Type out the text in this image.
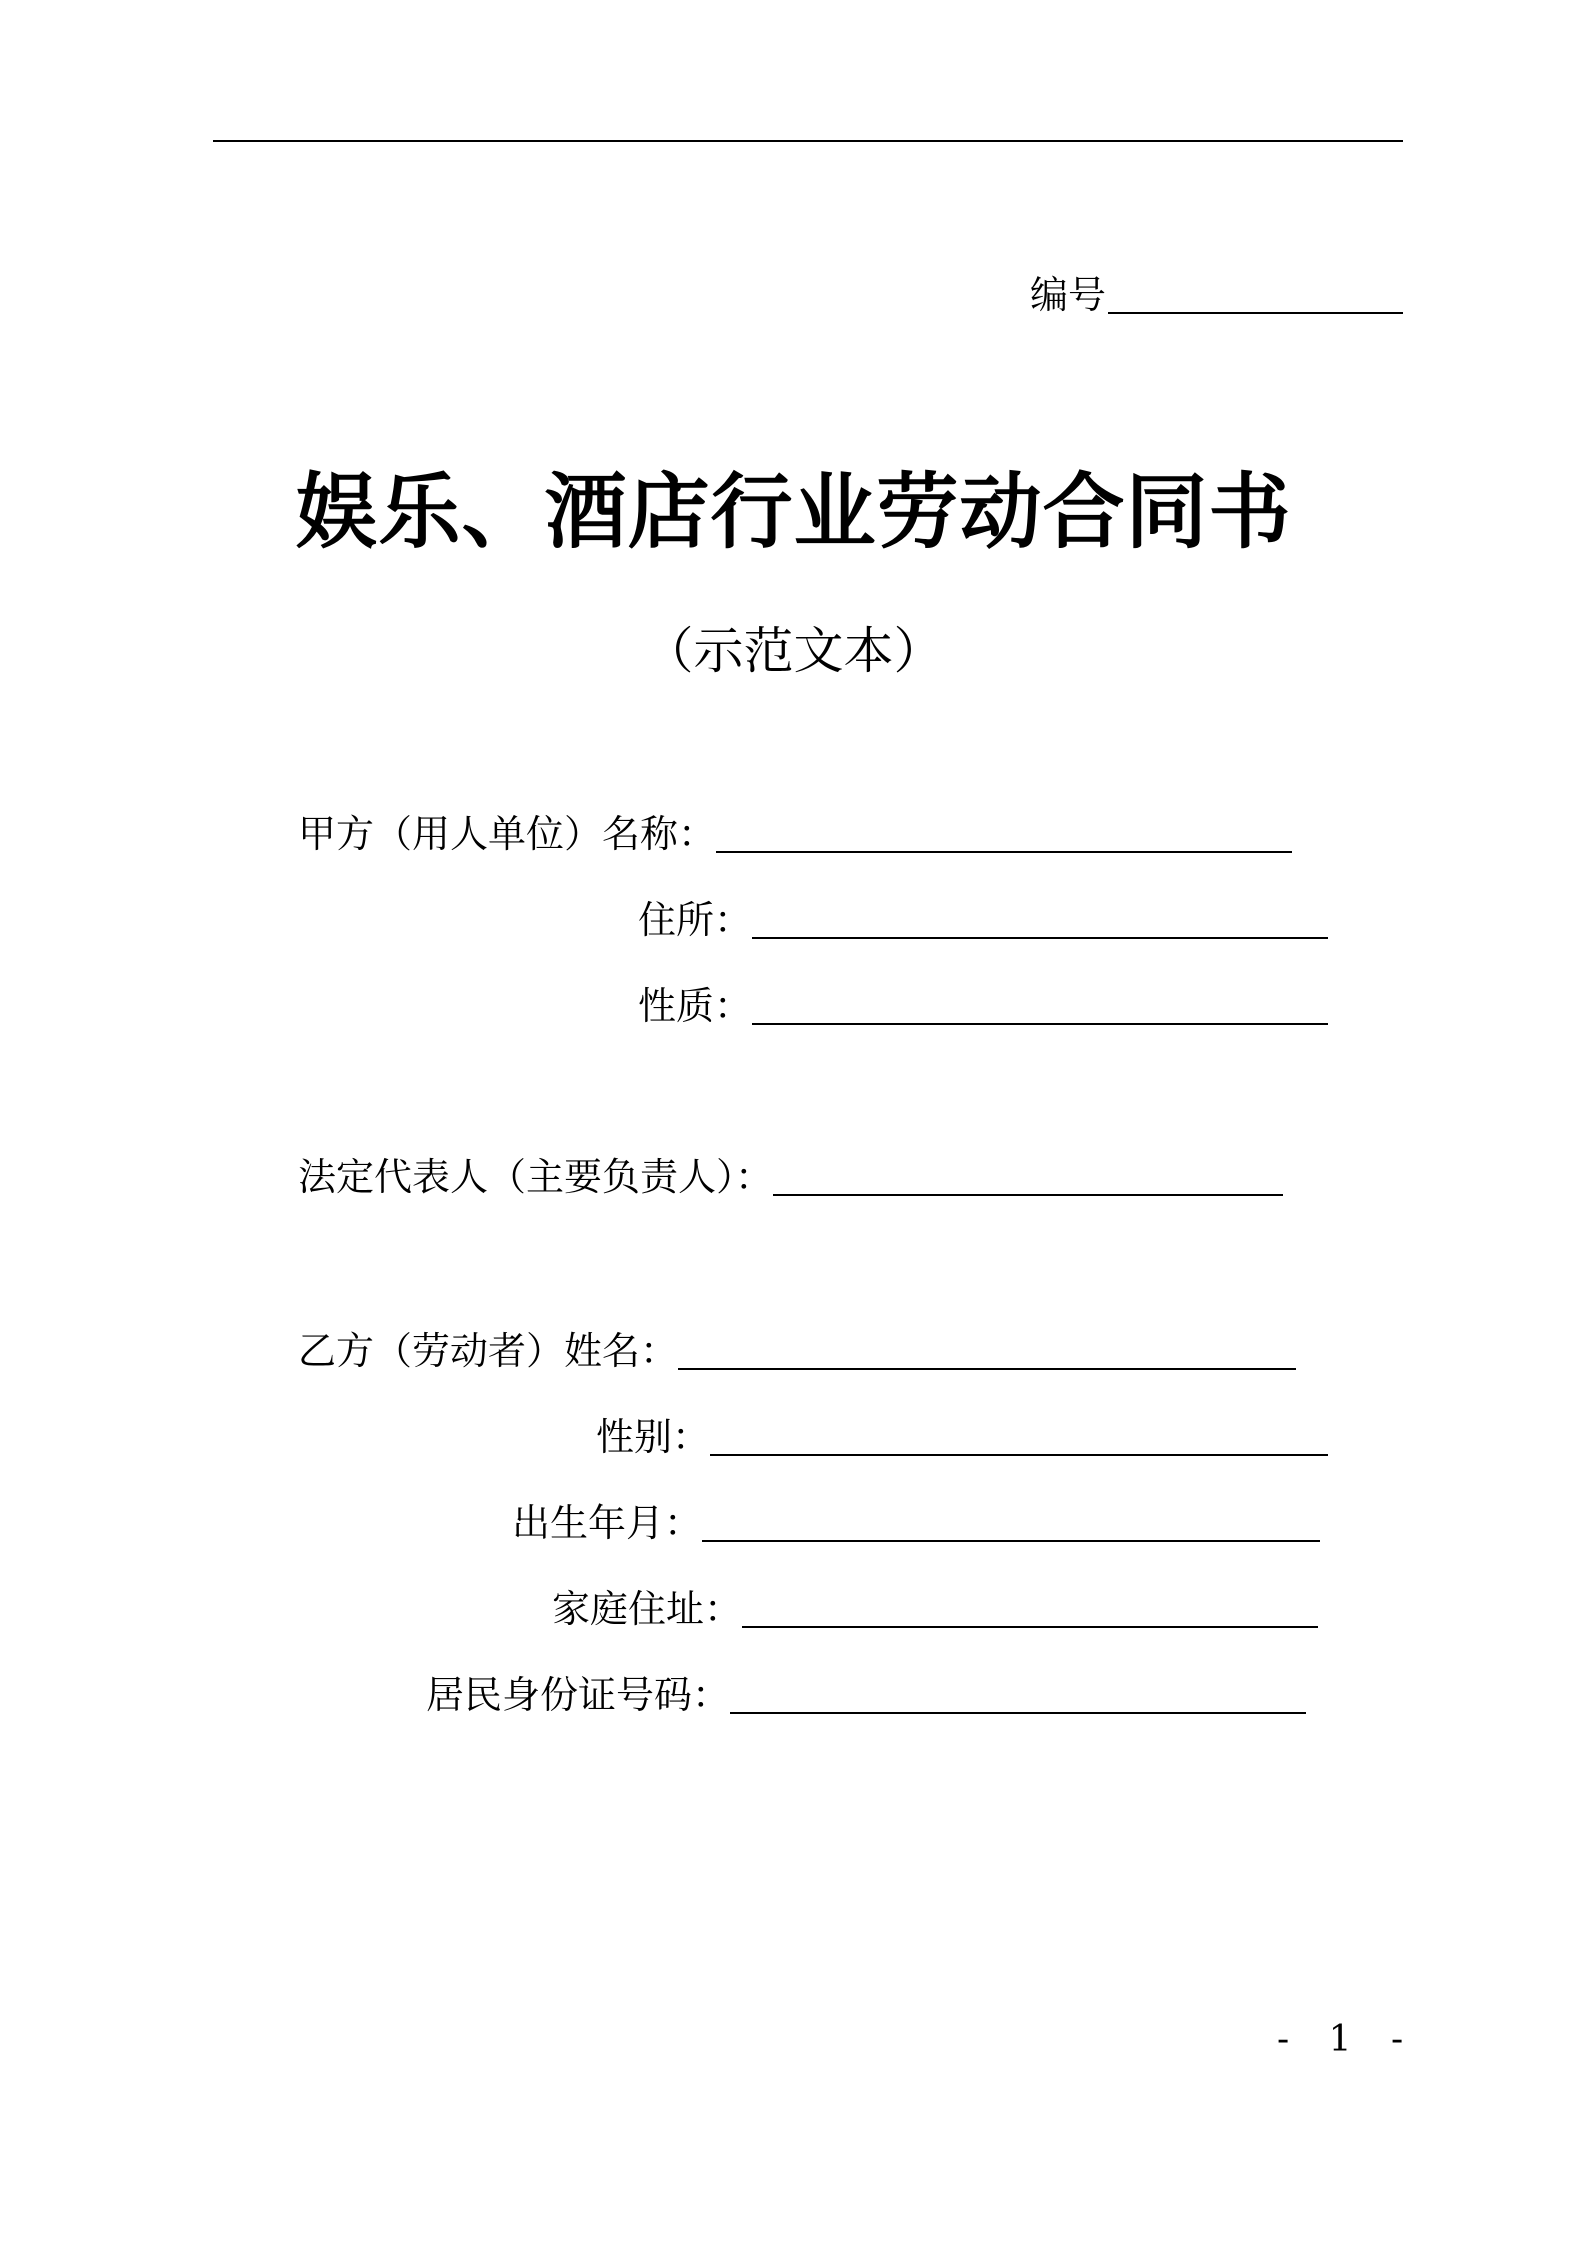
编号
娱乐、酒店行业劳动合同书
（示范文本）
甲方（用人单位）名称：
住所：
性质：
法定代表人（主要负责人）：
乙方（劳动者）姓名：
性别：
出生年月：
家庭住址：
居民身份证号码：
- 1 -
